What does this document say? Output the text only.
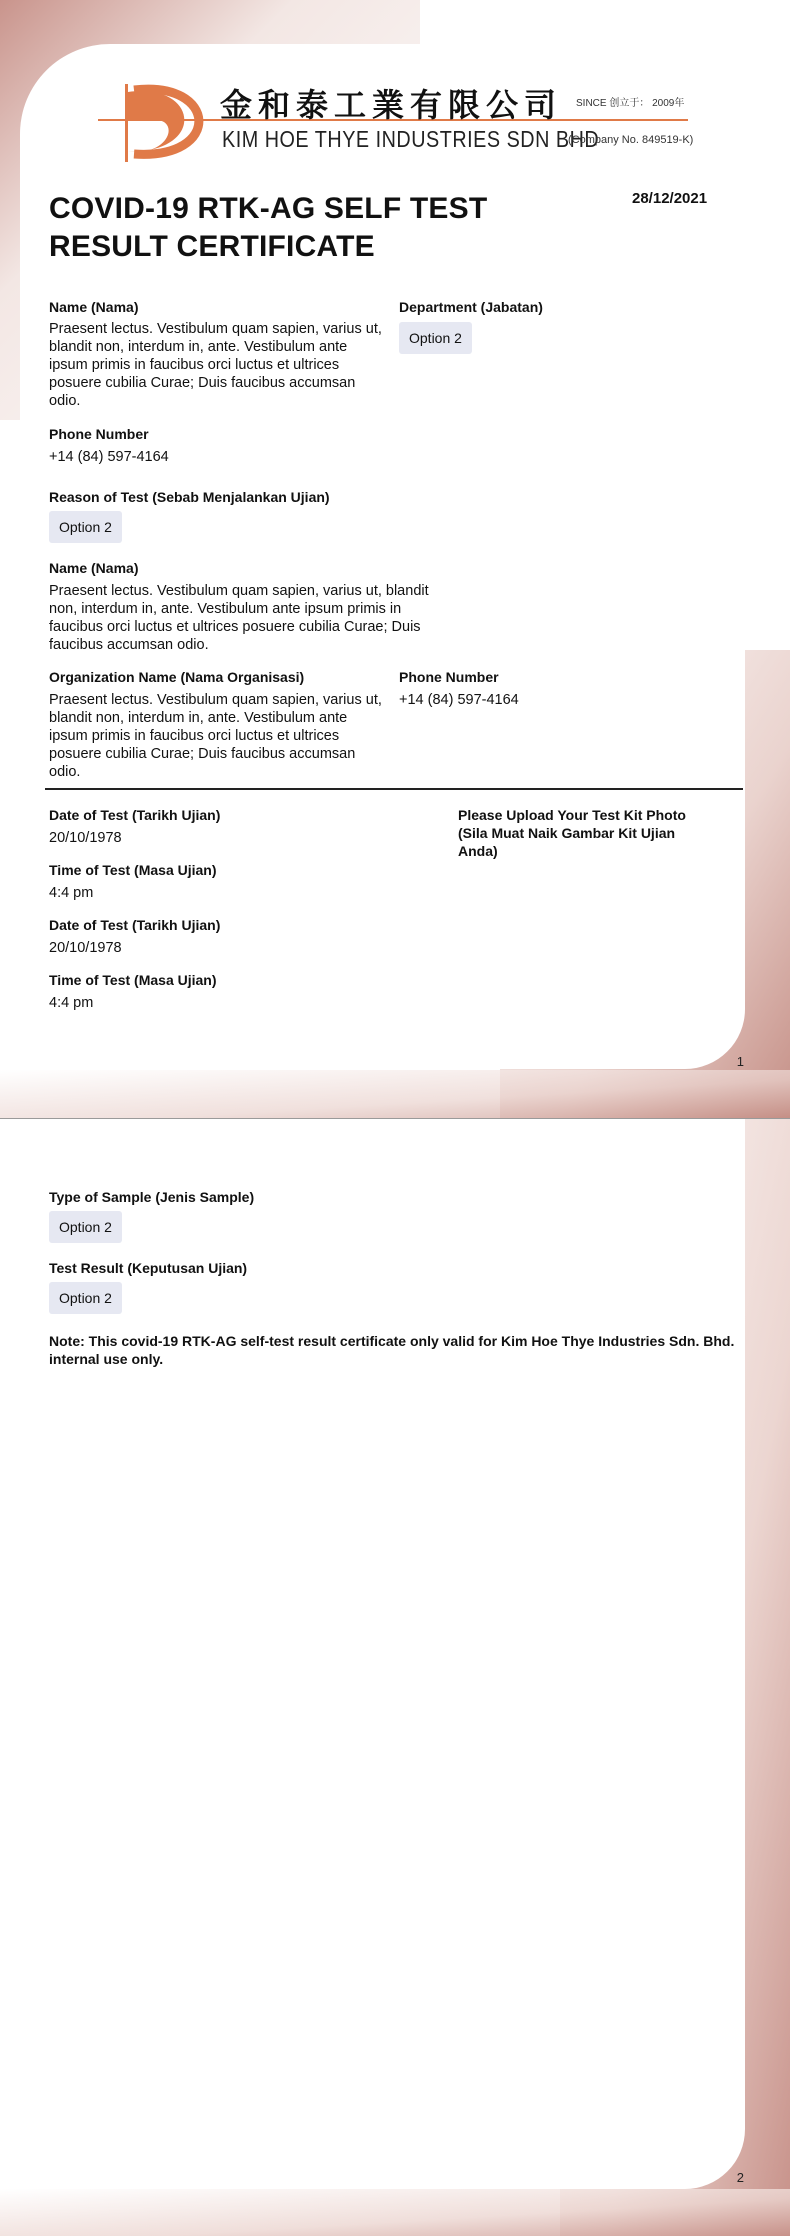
1
2
金和泰工業有限公司 SINCE 创立于： 2009年
KIM HOE THYE INDUSTRIES SDN BHD
(Company No. 849519-K)
COVID-19 RTK-AG SELF TEST RESULT CERTIFICATE
28/12/2021
Name (Nama)
Praesent lectus. Vestibulum quam sapien, varius ut, blandit non, interdum in, ante. Vestibulum ante ipsum primis in faucibus orci luctus et ultrices posuere cubilia Curae; Duis faucibus accumsan odio.
Department (Jabatan)
Option 2
Phone Number
+14 (84) 597-4164
Reason of Test (Sebab Menjalankan Ujian)
Option 2
Name (Nama)
Praesent lectus. Vestibulum quam sapien, varius ut, blandit non, interdum in, ante. Vestibulum ante ipsum primis in faucibus orci luctus et ultrices posuere cubilia Curae; Duis faucibus accumsan odio.
Organization Name (Nama Organisasi)
Praesent lectus. Vestibulum quam sapien, varius ut, blandit non, interdum in, ante. Vestibulum ante ipsum primis in faucibus orci luctus et ultrices posuere cubilia Curae; Duis faucibus accumsan odio.
Phone Number
+14 (84) 597-4164
Date of Test (Tarikh Ujian)
20/10/1978
Time of Test (Masa Ujian)
4:4 pm
Date of Test (Tarikh Ujian)
20/10/1978
Time of Test (Masa Ujian)
4:4 pm
Please Upload Your Test Kit Photo (Sila Muat Naik Gambar Kit Ujian Anda)
Type of Sample (Jenis Sample)
Option 2
Test Result (Keputusan Ujian)
Option 2
Note: This covid-19 RTK-AG self-test result certificate only valid for Kim Hoe Thye Industries Sdn. Bhd. internal use only.
